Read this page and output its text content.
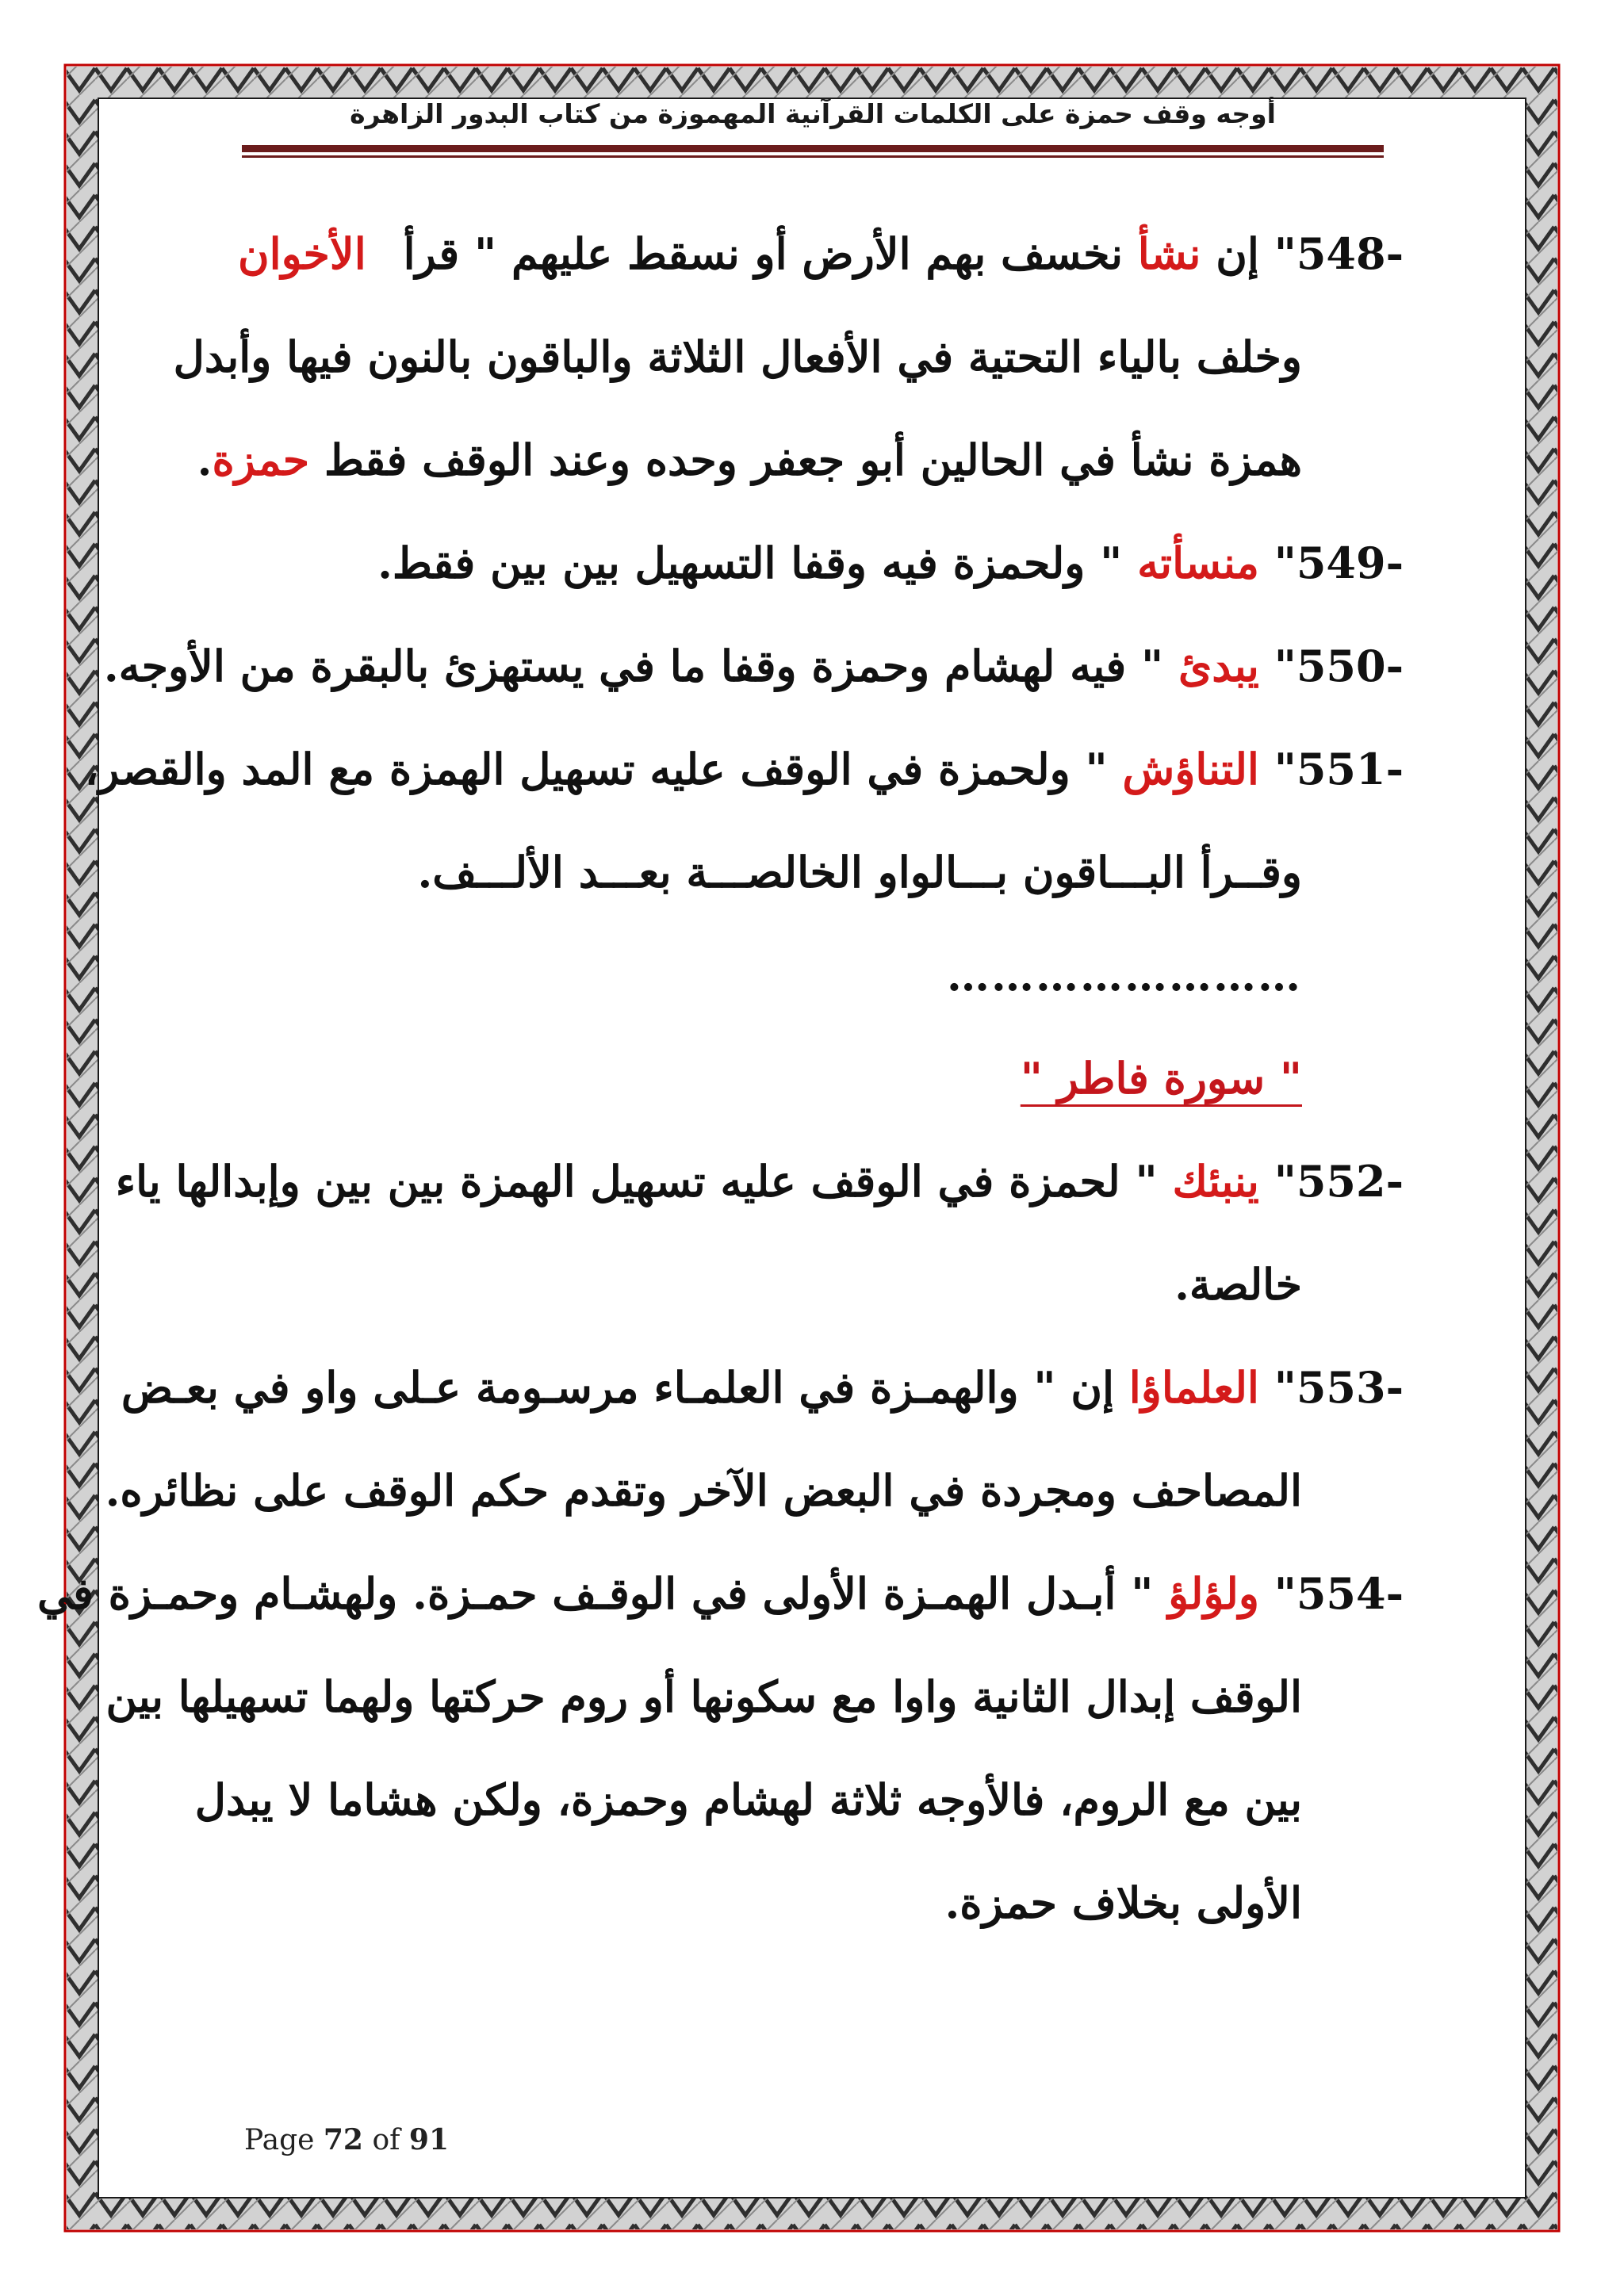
أوجه وقف حمزة على الكلمات القرآنية المهموزة من كتاب البدور الزاهرة
548-" إن نشأ نخسف بهم الأرض أو نسقط عليهم " قرأ
الأخوان
وخلف بالياء التحتية في الأفعال الثلاثة والباقون بالنون فيها وأبدل
همزة نشأ في الحالين أبو جعفر وحده وعند الوقف فقط حمزة.
549-" منسأته " ولحمزة فيه وقفا التسهيل بين بين فقط.
550-" يبدئ " فيه لهشام وحمزة وقفا ما في يستهزئ بالبقرة من الأوجه.
551-" التناؤش " ولحمزة في الوقف عليه تسهيل الهمزة مع المد والقصر،
وقــرأ البـــاقون بـــالواو الخالصـــة بعـــد الألـــف.
……………………
" سورة فاطر "
552-" ينبئك " لحمزة في الوقف عليه تسهيل الهمزة بين بين وإبدالها ياء
خالصة.
553-" العلماؤا إن " والهمـزة في العلمـاء مرسـومة عـلى واو في بعـض
المصاحف ومجردة في البعض الآخر وتقدم حكم الوقف على نظائره.
554-" ولؤلؤ " أبـدل الهمـزة الأولى في الوقـف حمـزة. ولهشـام وحمـزة في
الوقف إبدال الثانية واوا مع سكونها أو روم حركتها ولهما تسهيلها بين
بين مع الروم، فالأوجه ثلاثة لهشام وحمزة، ولكن هشاما لا يبدل
الأولى بخلاف حمزة.
Page 72 of 91
